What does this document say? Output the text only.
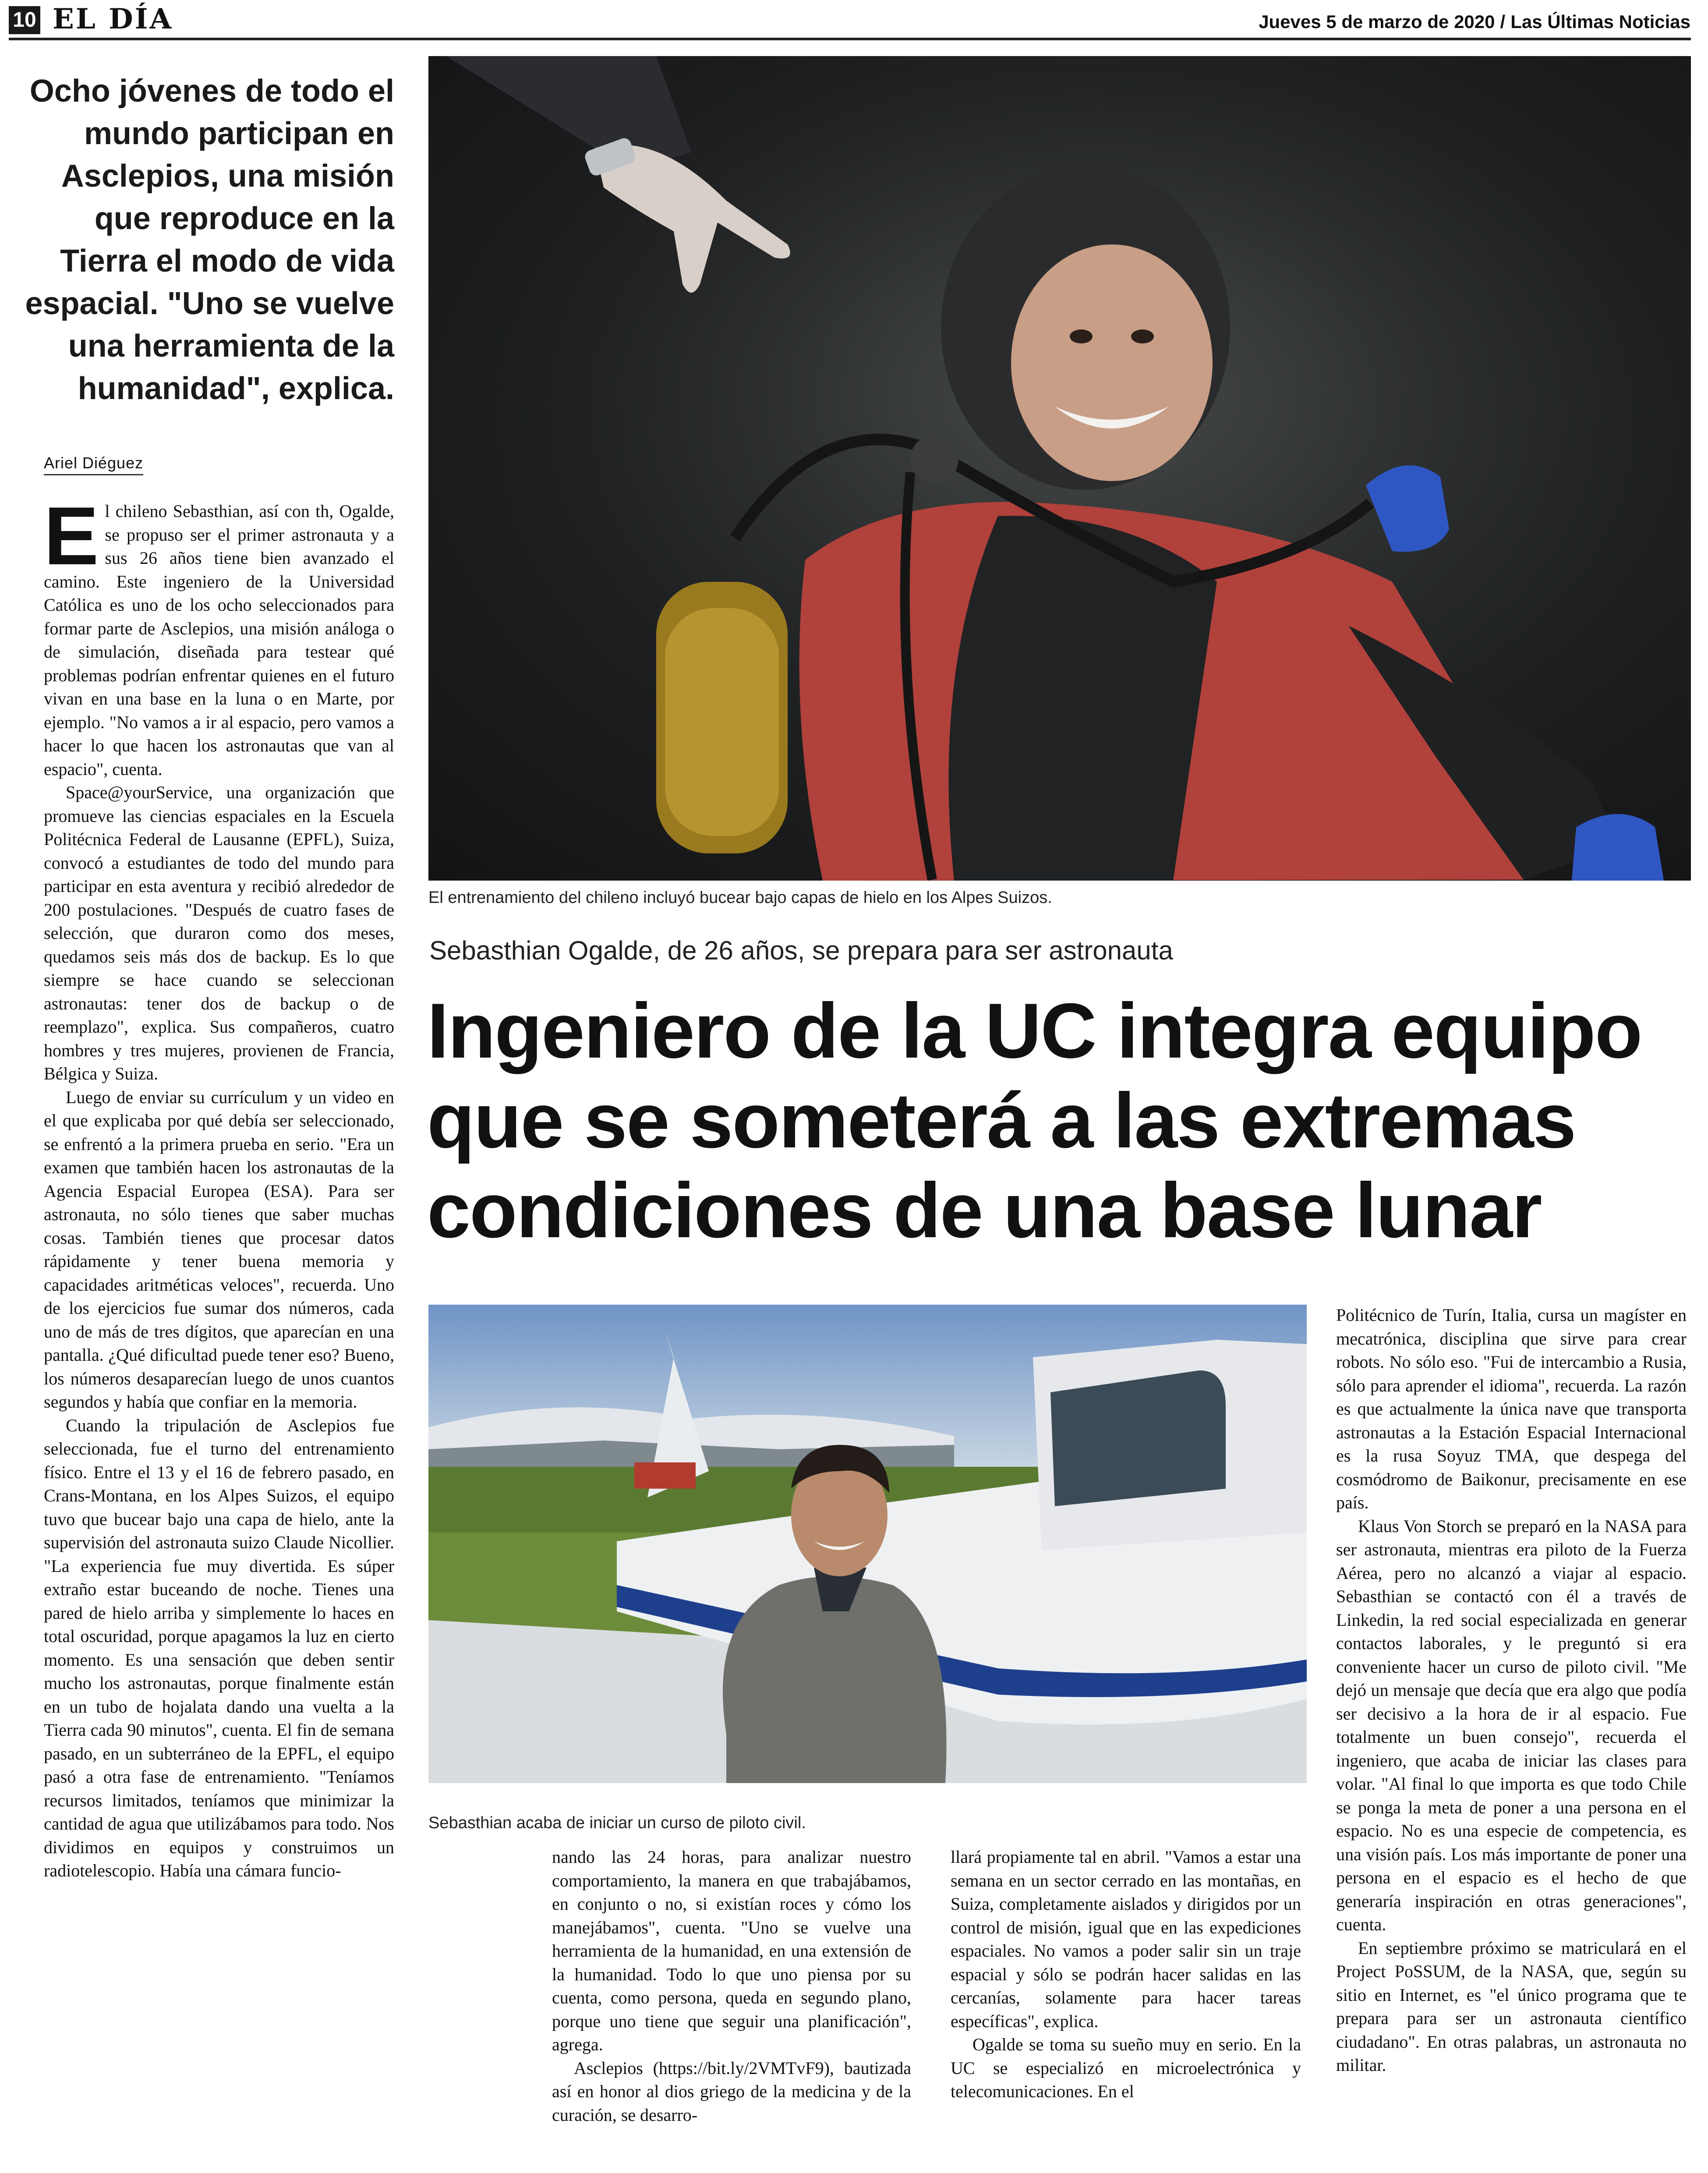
10 EL DÍA	Jueves 5 de marzo de 2020 / Las Últimas Noticias
Ocho jóvenes de todo el mundo participan en Asclepios, una misión que reproduce en la Tierra el modo de vida espacial. "Uno se vuelve una herramienta de la humanidad", explica.
Ariel Diéguez

El chileno Sebasthian, así con th, Ogalde, se propuso ser el primer astronauta y a sus 26 años tiene bien avanzado el camino. Este ingeniero de la Universidad Católica es uno de los ocho seleccionados para formar parte de Asclepios, una misión análoga o de simulación, diseñada para testear qué problemas podrían enfrentar quienes en el futuro vivan en una base en la luna o en Marte, por ejemplo. "No vamos a ir al espacio, pero vamos a hacer lo que hacen los astronautas que van al espacio", cuenta.

Space@yourService, una organización que promueve las ciencias espaciales en la Escuela Politécnica Federal de Lausanne (EPFL), Suiza, convocó a estudiantes de todo del mundo para participar en esta aventura y recibió alrededor de 200 postulaciones. "Después de cuatro fases de selección, que duraron como dos meses, quedamos seis más dos de backup. Es lo que siempre se hace cuando se seleccionan astronautas: tener dos de backup o de reemplazo", explica. Sus compañeros, cuatro hombres y tres mujeres, provienen de Francia, Bélgica y Suiza.

Luego de enviar su currículum y un video en el que explicaba por qué debía ser seleccionado, se enfrentó a la primera prueba en serio. "Era un examen que también hacen los astronautas de la Agencia Espacial Europea (ESA). Para ser astronauta, no sólo tienes que saber muchas cosas. También tienes que procesar datos rápidamente y tener buena memoria y capacidades aritméticas veloces", recuerda. Uno de los ejercicios fue sumar dos números, cada uno de más de tres dígitos, que aparecían en una pantalla. ¿Qué dificultad puede tener eso? Bueno, los números desaparecían luego de unos cuantos segundos y había que confiar en la memoria.

Cuando la tripulación de Asclepios fue seleccionada, fue el turno del entrenamiento físico. Entre el 13 y el 16 de febrero pasado, en Crans-Montana, en los Alpes Suizos, el equipo tuvo que bucear bajo una capa de hielo, ante la supervisión del astronauta suizo Claude Nicollier. "La experiencia fue muy divertida. Es súper extraño estar buceando de noche. Tienes una pared de hielo arriba y simplemente lo haces en total oscuridad, porque apagamos la luz en cierto momento. Es una sensación que deben sentir mucho los astronautas, porque finalmente están en un tubo de hojalata dando una vuelta a la Tierra cada 90 minutos", cuenta. El fin de semana pasado, en un subterráneo de la EPFL, el equipo pasó a otra fase de entrenamiento. "Teníamos recursos limitados, teníamos que minimizar la cantidad de agua que utilizábamos para todo. Nos dividimos en equipos y construimos un radiotelescopio. Había una cámara funcio-

El entrenamiento del chileno incluyó bucear bajo capas de hielo en los Alpes Suizos.
Sebasthian Ogalde, de 26 años, se prepara para ser astronauta
Ingeniero de la UC integra equipo
que se someterá a las extremas
condiciones de una base lunar
Sebasthian acaba de iniciar un curso de piloto civil.

nando las 24 horas, para analizar nuestro comportamiento, la manera en que trabajábamos, en conjunto o no, si existían roces y cómo los manejábamos", cuenta. "Uno se vuelve una herramienta de la humanidad, en una extensión de la humanidad. Todo lo que uno piensa por su cuenta, como persona, queda en segundo plano, porque uno tiene que seguir una planificación", agrega.

Asclepios (https://bit.ly/2VMTvF9), bautizada así en honor al dios griego de la medicina y de la curación, se desarro-

llará propiamente tal en abril. "Vamos a estar una semana en un sector cerrado en las montañas, en Suiza, completamente aislados y dirigidos por un control de misión, igual que en las expediciones espaciales. No vamos a poder salir sin un traje espacial y sólo se podrán hacer salidas en las cercanías, solamente para hacer tareas específicas", explica.

Ogalde se toma su sueño muy en serio. En la UC se especializó en microelectrónica y telecomunicaciones. En el

Politécnico de Turín, Italia, cursa un magíster en mecatrónica, disciplina que sirve para crear robots. No sólo eso. "Fui de intercambio a Rusia, sólo para aprender el idioma", recuerda. La razón es que actualmente la única nave que transporta astronautas a la Estación Espacial Internacional es la rusa Soyuz TMA, que despega del cosmódromo de Baikonur, precisamente en ese país.

Klaus Von Storch se preparó en la NASA para ser astronauta, mientras era piloto de la Fuerza Aérea, pero no alcanzó a viajar al espacio. Sebasthian se contactó con él a través de Linkedin, la red social especializada en generar contactos laborales, y le preguntó si era conveniente hacer un curso de piloto civil. "Me dejó un mensaje que decía que era algo que podía ser decisivo a la hora de ir al espacio. Fue totalmente un buen consejo", recuerda el ingeniero, que acaba de iniciar las clases para volar. "Al final lo que importa es que todo Chile se ponga la meta de poner a una persona en el espacio. No es una especie de competencia, es una visión país. Los más importante de poner una persona en el espacio es el hecho de que generaría inspiración en otras generaciones", cuenta.

En septiembre próximo se matriculará en el Project PoSSUM, de la NASA, que, según su sitio en Internet, es "el único programa que te prepara para ser un astronauta científico ciudadano". En otras palabras, un astronauta no militar.
